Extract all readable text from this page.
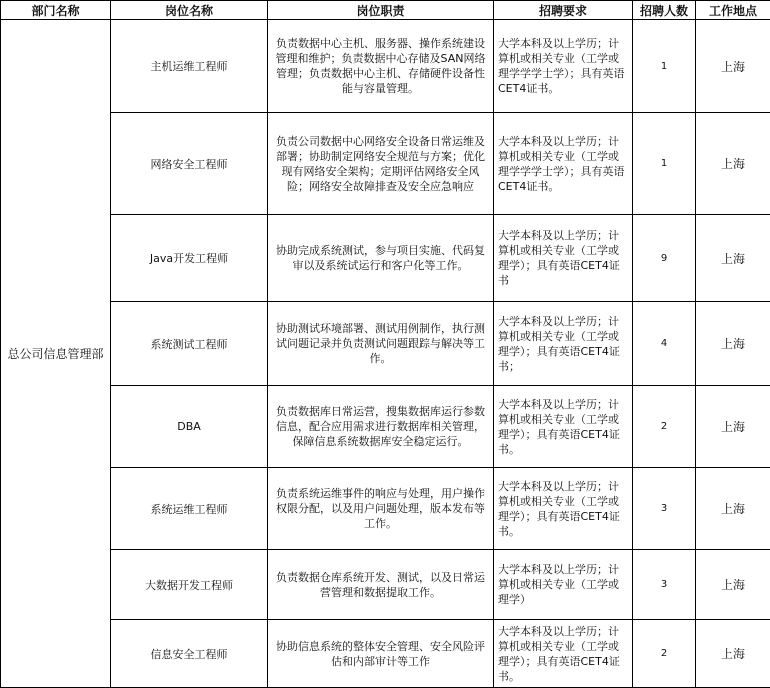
部门名称	岗位名称	岗位职责	招聘要求	招聘人数	工作地点
总公司信息管理部	主机运维工程师	负责数据中心主机、服务器、操作系统建设管理和维护；负责数据中心存储及SAN网络管理；负责数据中心主机、存储硬件设备性能与容量管理。	大学本科及以上学历；计算机或相关专业（工学或理学学学士学）；具有英语CET4证书。	1	上海
	网络安全工程师	负责公司数据中心网络安全设备日常运维及部署；协助制定网络安全规范与方案；优化现有网络安全架构；定期评估网络安全风险；网络安全故障排查及安全应急响应	大学本科及以上学历；计算机或相关专业（工学或理学学学士学）；具有英语CET4证书。	1	上海
	Java开发工程师	协助完成系统测试，参与项目实施、代码复审以及系统试运行和客户化等工作。	大学本科及以上学历；计算机或相关专业（工学或理学）；具有英语CET4证书	9	上海
	系统测试工程师	协助测试环境部署、测试用例制作，执行测试问题记录并负责测试问题跟踪与解决等工作。	大学本科及以上学历；计算机或相关专业（工学或理学）；具有英语CET4证书；	4	上海
	DBA	负责数据库日常运营，搜集数据库运行参数信息，配合应用需求进行数据库相关管理，保障信息系统数据库安全稳定运行。	大学本科及以上学历；计算机或相关专业（工学或理学）；具有英语CET4证书。	2	上海
	系统运维工程师	负责系统运维事件的响应与处理，用户操作权限分配，以及用户问题处理，版本发布等工作。	大学本科及以上学历；计算机或相关专业（工学或理学）；具有英语CET4证书。	3	上海
	大数据开发工程师	负责数据仓库系统开发、测试，以及日常运营管理和数据提取工作。	大学本科及以上学历；计算机或相关专业（工学或理学）	3	上海
	信息安全工程师	协助信息系统的整体安全管理、安全风险评估和内部审计等工作	大学本科及以上学历；计算机或相关专业（工学或理学）；具有英语CET4证书。	2	上海
